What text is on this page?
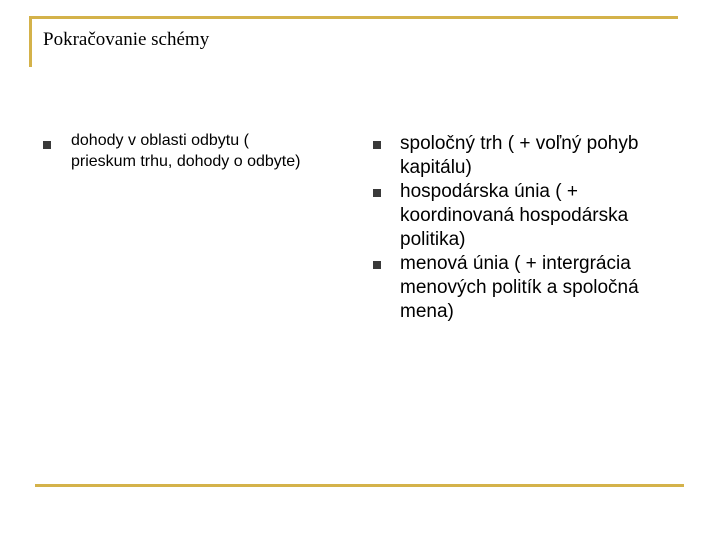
Pokračovanie schémy
dohody v oblasti odbytu ( prieskum trhu, dohody o odbyte)
spoločný trh ( + voľný pohyb kapitálu)
hospodárska únia ( + koordinovaná hospodárska politika)
menová únia ( + intergrácia menových politík a spoločná mena)
